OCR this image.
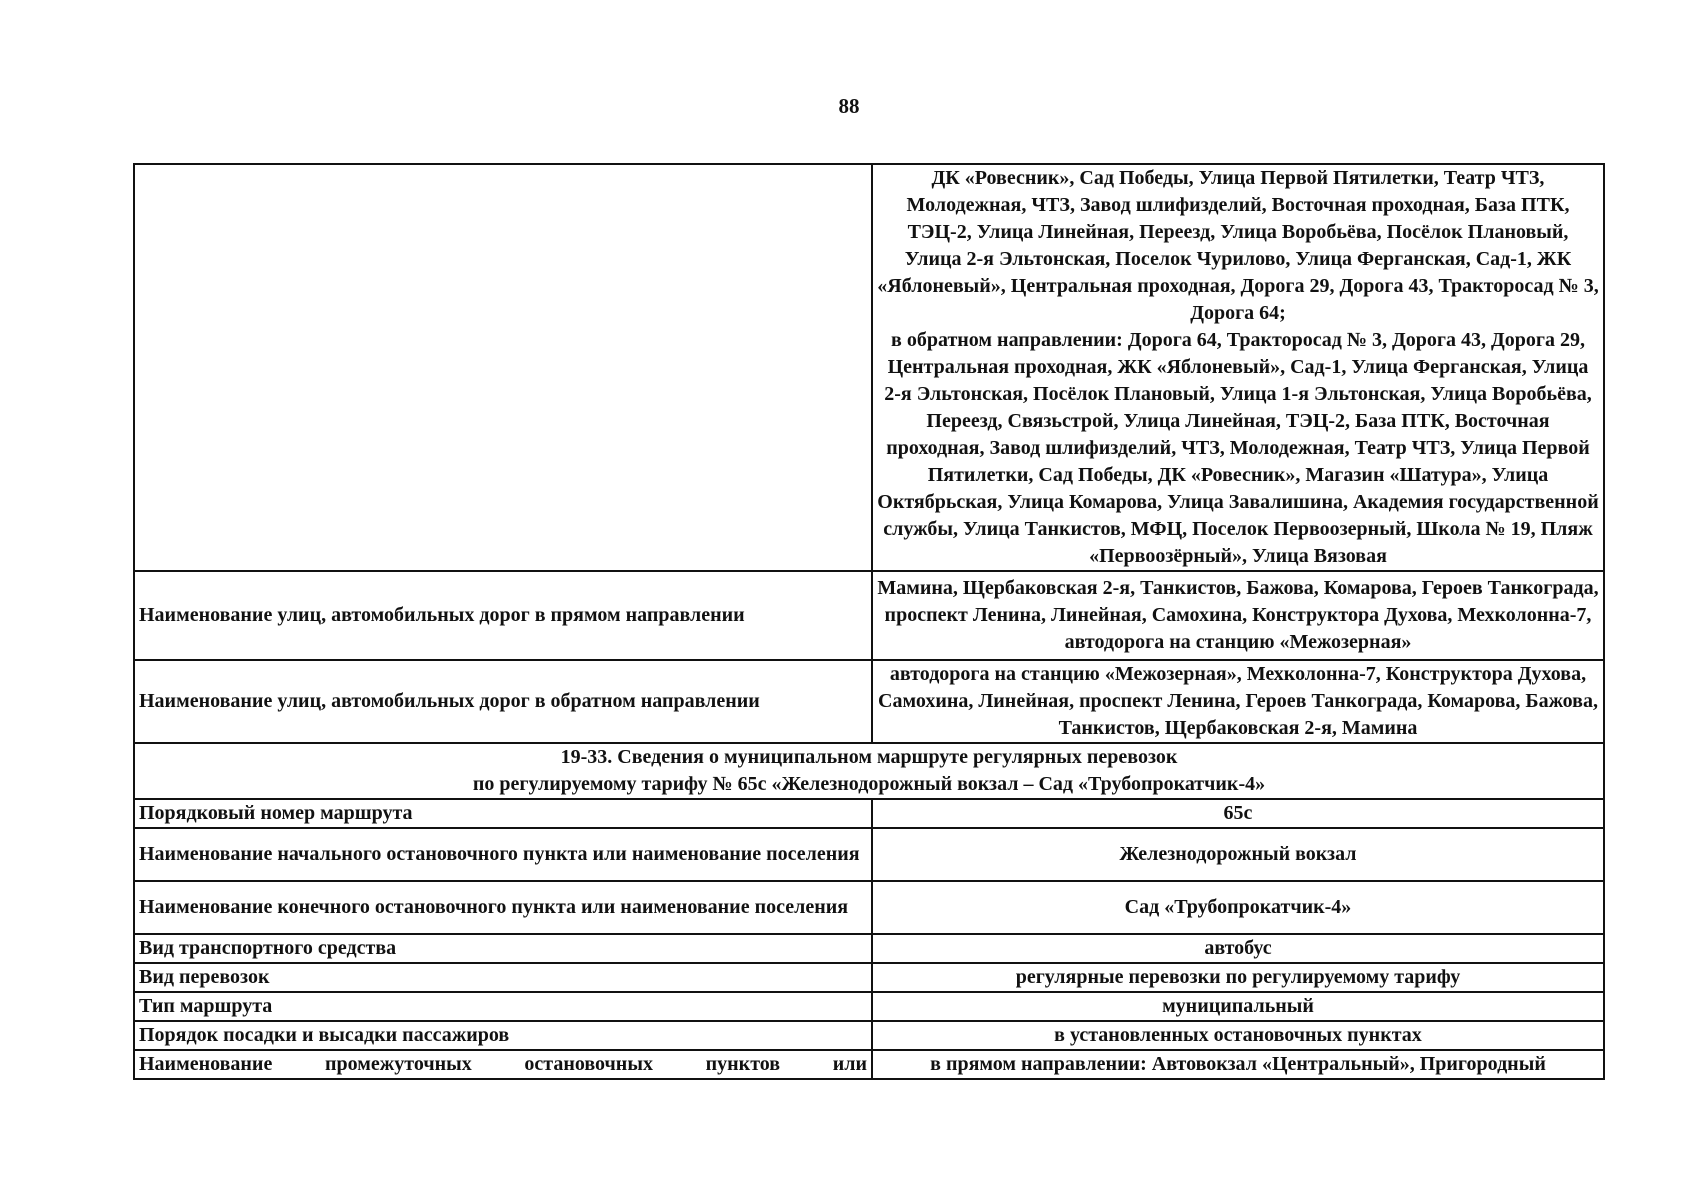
88

	ДК «Ровесник», Сад Победы, Улица Первой Пятилетки, Театр ЧТЗ, Молодежная, ЧТЗ, Завод шлифизделий, Восточная проходная, База ПТК, ТЭЦ-2, Улица Линейная, Переезд, Улица Воробьёва, Посёлок Плановый, Улица 2-я Эльтонская, Поселок Чурилово, Улица Ферганская, Сад-1, ЖК «Яблоневый», Центральная проходная, Дорога 29, Дорога 43, Тракторосад № 3, Дорога 64;
в обратном направлении: Дорога 64, Тракторосад № 3, Дорога 43, Дорога 29, Центральная проходная, ЖК «Яблоневый», Сад-1, Улица Ферганская, Улица 2-я Эльтонская, Посёлок Плановый, Улица 1-я Эльтонская, Улица Воробьёва, Переезд, Связьстрой, Улица Линейная, ТЭЦ-2, База ПТК, Восточная проходная, Завод шлифизделий, ЧТЗ, Молодежная, Театр ЧТЗ, Улица Первой Пятилетки, Сад Победы, ДК «Ровесник», Магазин «Шатура», Улица Октябрьская, Улица Комарова, Улица Завалишина, Академия государственной службы, Улица Танкистов, МФЦ, Поселок Первоозерный, Школа № 19, Пляж «Первоозёрный», Улица Вязовая

Наименование улиц, автомобильных дорог в прямом направлении	Мамина, Щербаковская 2-я, Танкистов, Бажова, Комарова, Героев Танкограда, проспект Ленина, Линейная, Самохина, Конструктора Духова, Мехколонна-7, автодорога на станцию «Межозерная»
Наименование улиц, автомобильных дорог в обратном направлении	автодорога на станцию «Межозерная», Мехколонна-7, Конструктора Духова, Самохина, Линейная, проспект Ленина, Героев Танкограда, Комарова, Бажова, Танкистов, Щербаковская 2-я, Мамина

19-33. Сведения о муниципальном маршруте регулярных перевозок
по регулируемому тарифу № 65с «Железнодорожный вокзал – Сад «Трубопрокатчик-4»	

Порядковый номер маршрута	65с
Наименование начального остановочного пункта или наименование поселения	Железнодорожный вокзал
Наименование конечного остановочного пункта или наименование поселения	Сад «Трубопрокатчик-4»
Вид транспортного средства	автобус
Вид перевозок	регулярные перевозки по регулируемому тарифу
Тип маршрута	муниципальный
Порядок посадки и высадки пассажиров	в установленных остановочных пунктах
Наименование промежуточных остановочных пунктов или	в прямом направлении: Автовокзал «Центральный», Пригородный
